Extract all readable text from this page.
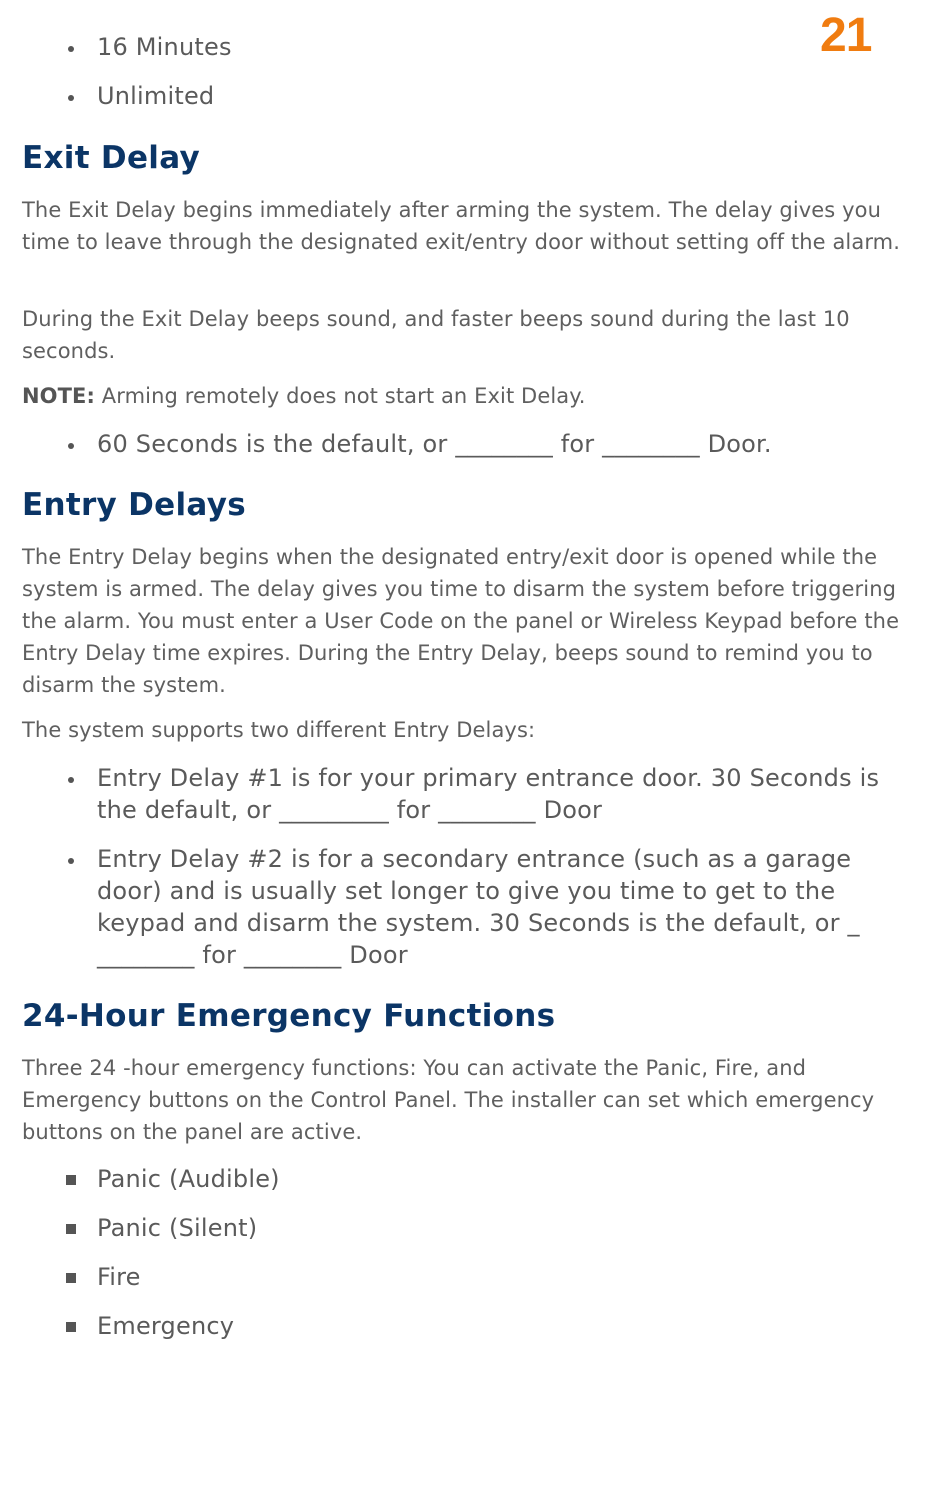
21
16 Minutes
Unlimited
Exit Delay

The Exit Delay begins immediately after arming the system. The delay gives you time to leave through the designated exit/entry door without setting off the alarm.

During the Exit Delay beeps sound, and faster beeps sound during the last 10 seconds.

NOTE: Arming remotely does not start an Exit Delay.

60 Seconds is the default, or ________ for ________ Door.
Entry Delays

The Entry Delay begins when the designated entry/exit door is opened while the system is armed. The delay gives you time to disarm the system before triggering the alarm. You must enter a User Code on the panel or Wireless Keypad before the Entry Delay time expires. During the Entry Delay, beeps sound to remind you to disarm the system.

The system supports two different Entry Delays:

Entry Delay #1 is for your primary entrance door. 30 Seconds is the default, or _________ for ________ Door
Entry Delay #2 is for a secondary entrance (such as a garage door) and is usually set longer to give you time to get to the keypad and disarm the system. 30 Seconds is the default, or _ ________ for ________ Door
24-Hour Emergency Functions

Three 24 -hour emergency functions: You can activate the Panic, Fire, and Emergency buttons on the Control Panel. The installer can set which emergency buttons on the panel are active.

Panic (Audible)
Panic (Silent)
Fire
Emergency
